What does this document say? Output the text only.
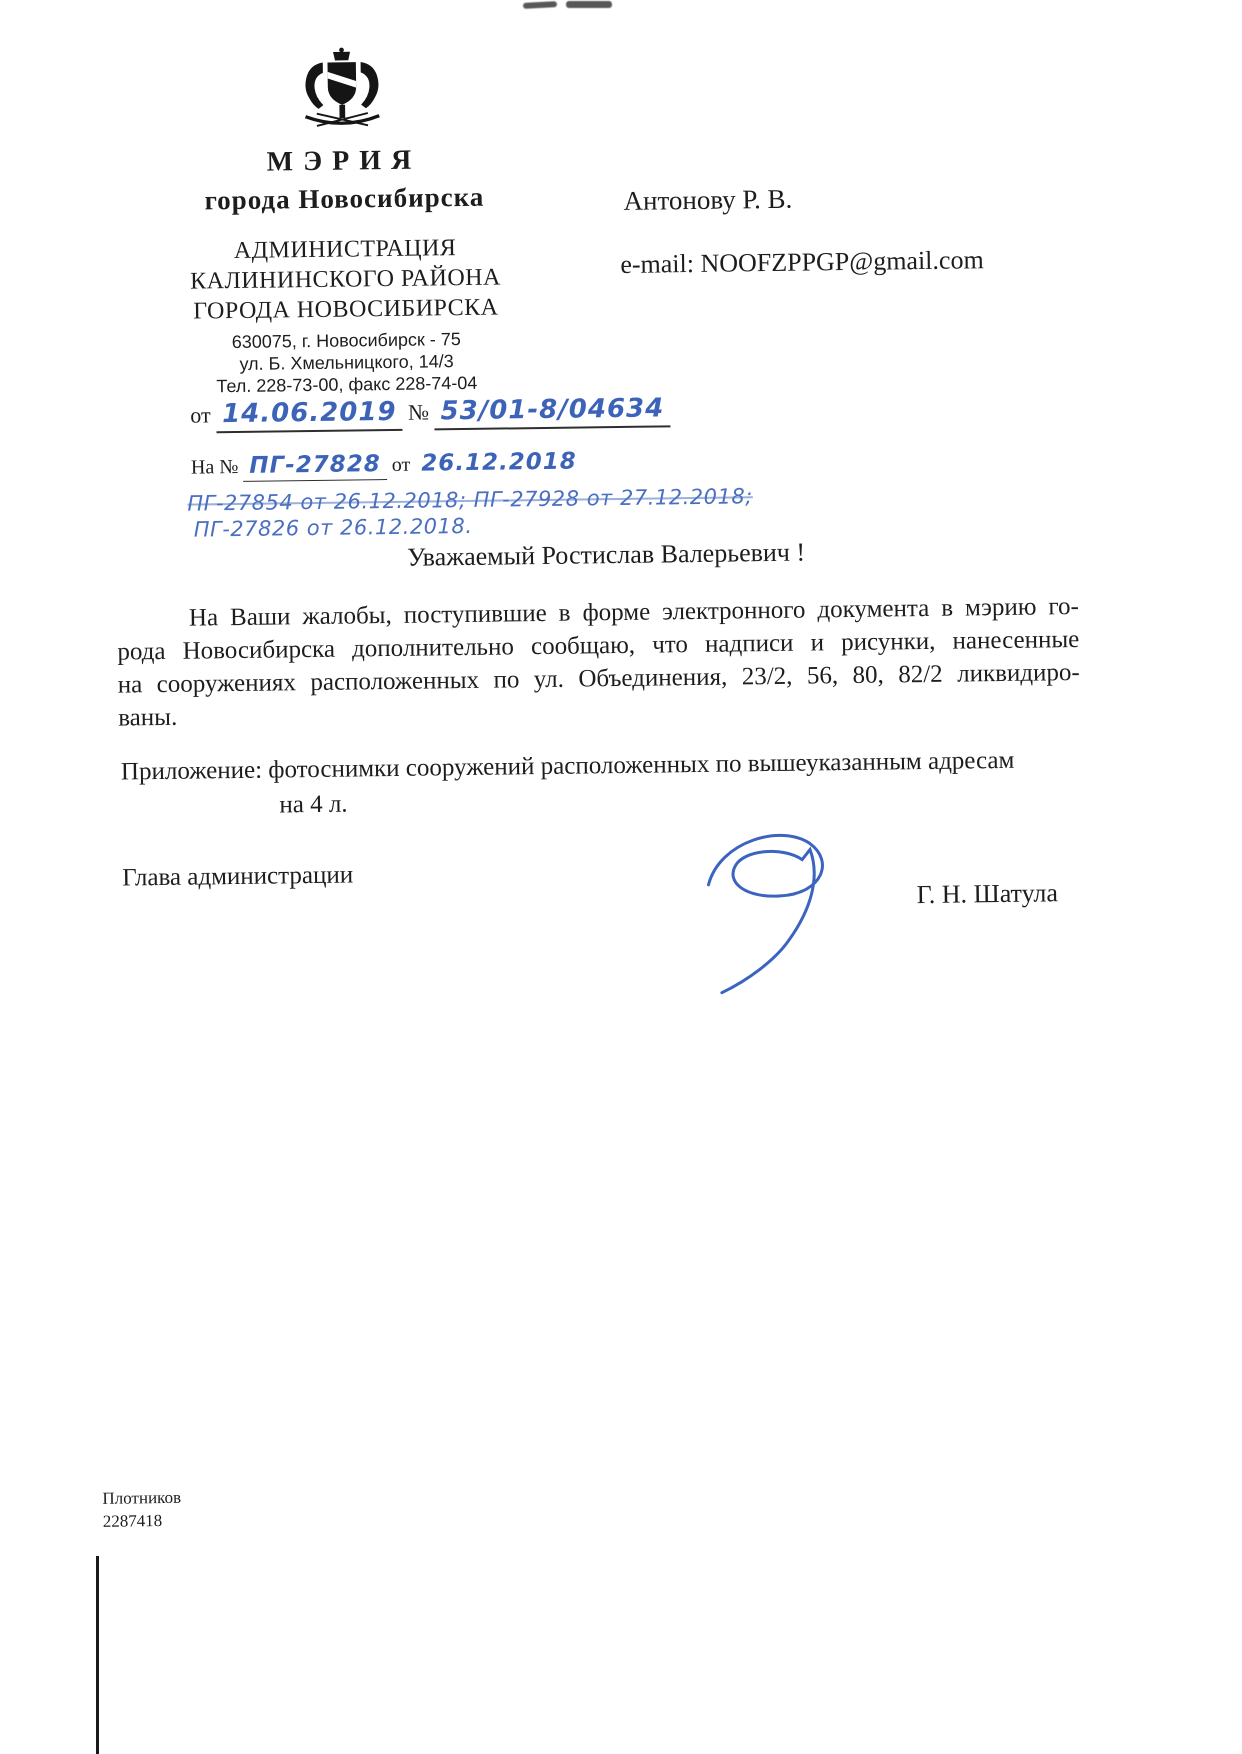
МЭРИЯ
города Новосибирска
АДМИНИСТРАЦИЯ
КАЛИНИНСКОГО РАЙОНА
ГОРОДА НОВОСИБИРСКА
630075, г. Новосибирск - 75
ул. Б. Хмельницкого, 14/3
Тел. 228-73-00, факс 228-74-04
от 14.06.2019 № 53/01-8/04634
На № ПГ-27828 от 26.12.2018
ПГ-27854 от 26.12.2018; ПГ-27928 от 27.12.2018;
ПГ-27826 от 26.12.2018.
Антонову Р. В.
e-mail: NOOFZPPGP@gmail.com
Уважаемый Ростислав Валерьевич !
На Ваши жалобы, поступившие в форме электронного документа в мэрию го-
рода Новосибирска дополнительно сообщаю, что надписи и рисунки, нанесенные
на сооружениях расположенных по ул. Объединения, 23/2, 56, 80, 82/2 ликвидиро-
ваны.
Приложение: фотоснимки сооружений расположенных по вышеуказанным адресам
на 4 л.
Глава администрации
Г. Н. Шатула
Плотников
2287418
